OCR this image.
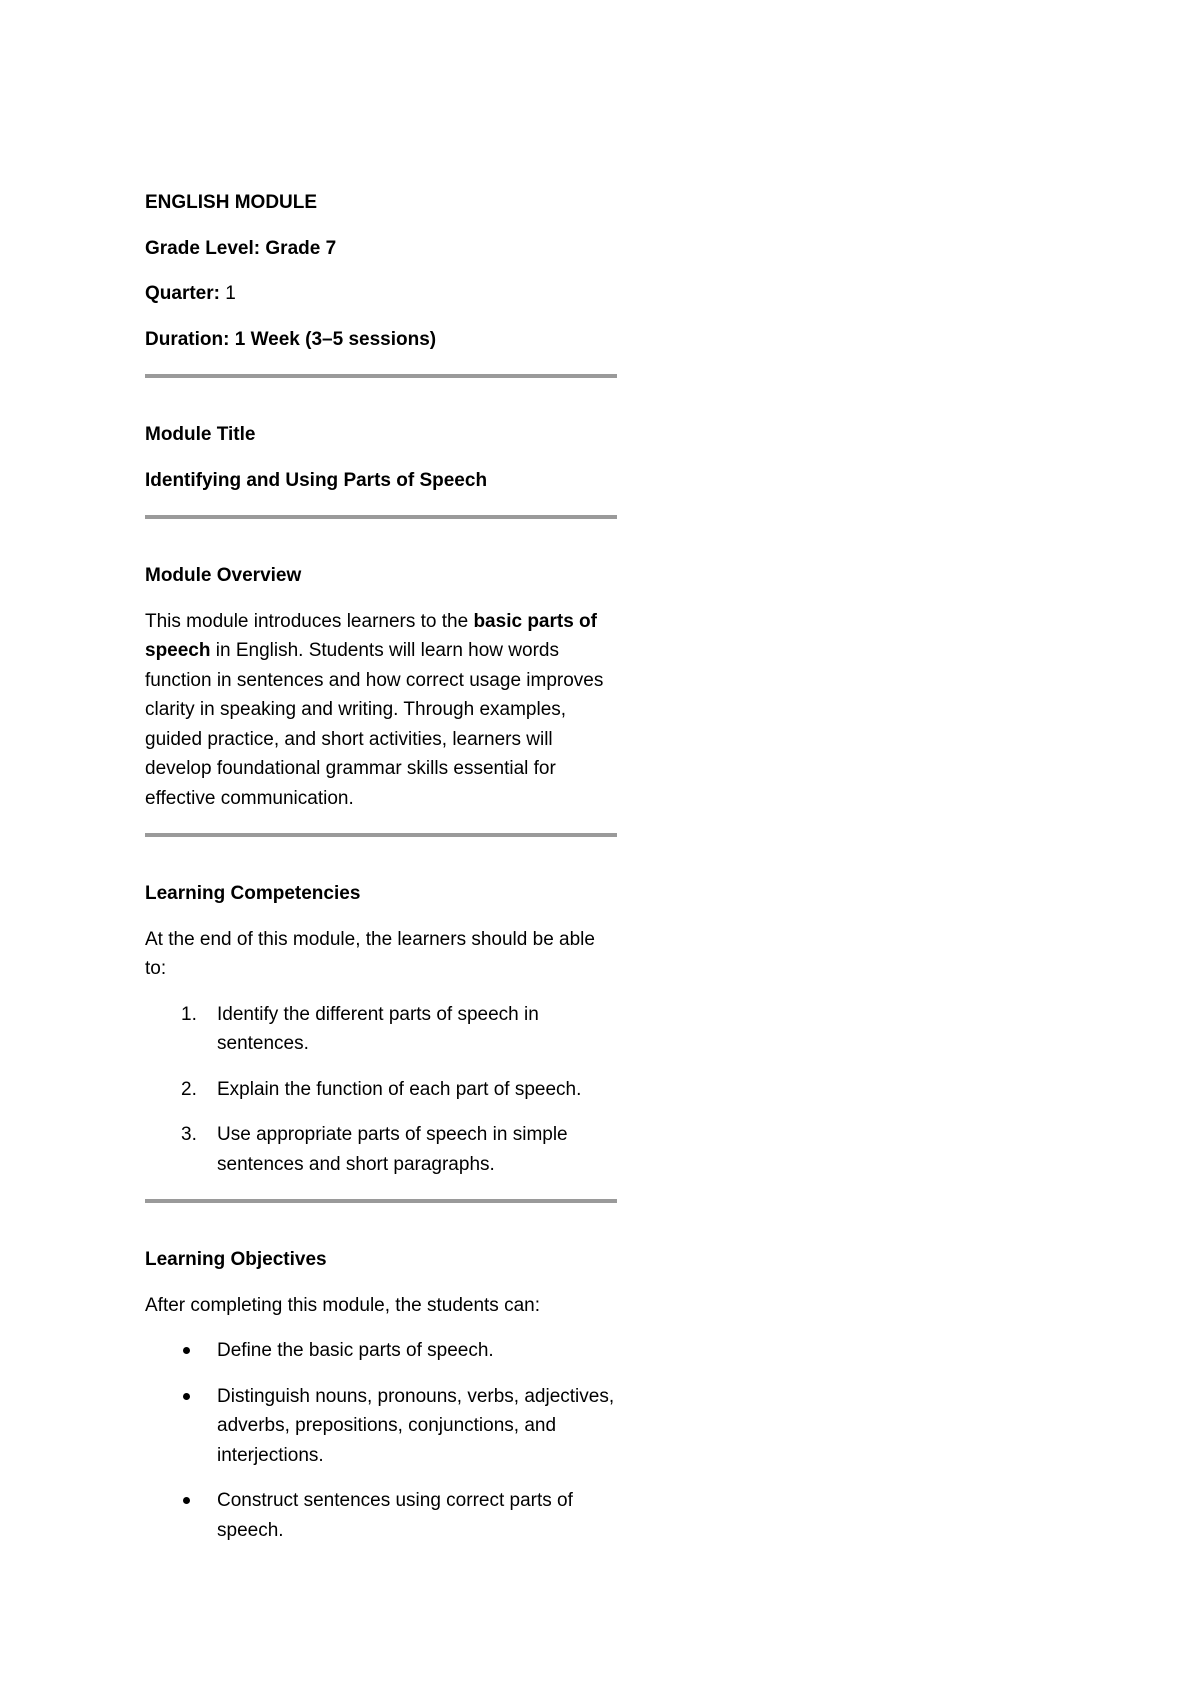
ENGLISH MODULE

Grade Level: Grade 7

Quarter: 1

Duration: 1 Week (3–5 sessions)

Module Title

Identifying and Using Parts of Speech

Module Overview

This module introduces learners to the basic parts of speech in English. Students will learn how words function in sentences and how correct usage improves clarity in speaking and writing. Through examples, guided practice, and short activities, learners will develop foundational grammar skills essential for effective communication.

Learning Competencies

At the end of this module, the learners should be able to:

1. Identify the different parts of speech in sentences.
2. Explain the function of each part of speech.
3. Use appropriate parts of speech in simple sentences and short paragraphs.

Learning Objectives

After completing this module, the students can:

Define the basic parts of speech.
Distinguish nouns, pronouns, verbs, adjectives, adverbs, prepositions, conjunctions, and interjections.
Construct sentences using correct parts of speech.
